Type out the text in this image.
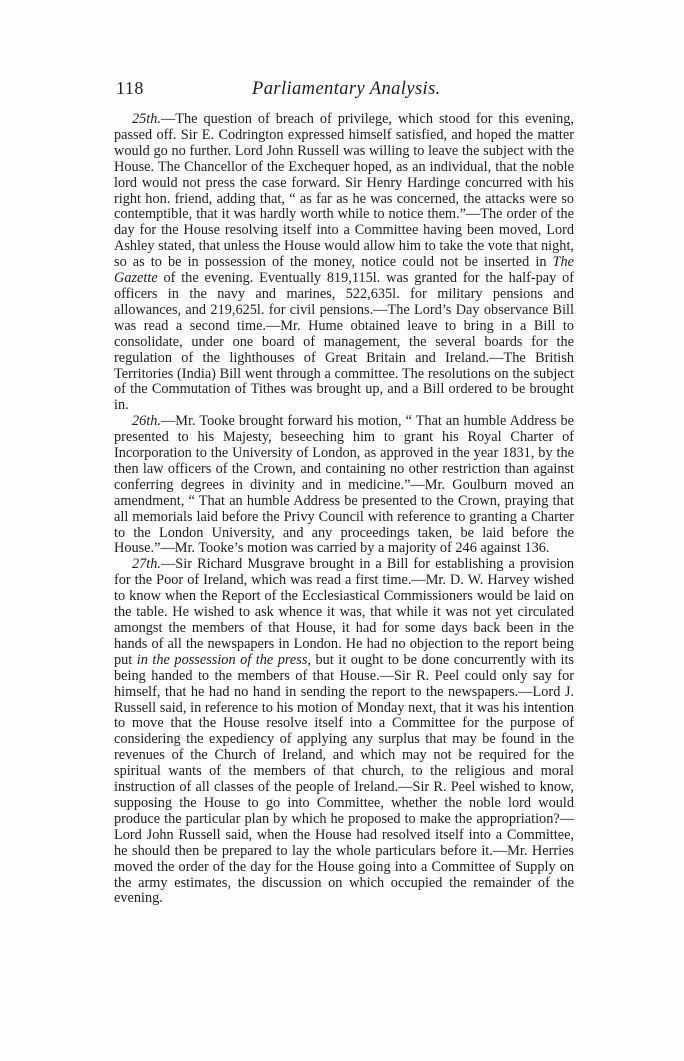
118	Parliamentary Analysis.

25th.—The question of breach of privilege, which stood for this evening, passed off. Sir E. Codrington expressed himself satisfied, and hoped the matter would go no further. Lord John Russell was willing to leave the subject with the House. The Chancellor of the Exchequer hoped, as an individual, that the noble lord would not press the case forward. Sir Henry Hardinge concurred with his right hon. friend, adding that, “ as far as he was concerned, the attacks were so contemptible, that it was hardly worth while to notice them.”—The order of the day for the House resolving itself into a Committee having been moved, Lord Ashley stated, that unless the House would allow him to take the vote that night, so as to be in possession of the money, notice could not be inserted in The Gazette of the evening. Eventually 819,115l. was granted for the half-pay of officers in the navy and marines, 522,635l. for military pensions and allowances, and 219,625l. for civil pensions.—The Lord’s Day observance Bill was read a second time.—Mr. Hume obtained leave to bring in a Bill to consolidate, under one board of management, the several boards for the regulation of the lighthouses of Great Britain and Ireland.—The British Territories (India) Bill went through a committee. The resolutions on the subject of the Commutation of Tithes was brought up, and a Bill ordered to be brought in.

26th.—Mr. Tooke brought forward his motion, “ That an humble Address be presented to his Majesty, beseeching him to grant his Royal Charter of Incorporation to the University of London, as approved in the year 1831, by the then law officers of the Crown, and containing no other restriction than against conferring degrees in divinity and in medicine.”—Mr. Goulburn moved an amendment, “ That an humble Address be presented to the Crown, praying that all memorials laid before the Privy Council with reference to granting a Charter to the London University, and any proceedings taken, be laid before the House.”—Mr. Tooke’s motion was carried by a majority of 246 against 136.

27th.—Sir Richard Musgrave brought in a Bill for establishing a provision for the Poor of Ireland, which was read a first time.—Mr. D. W. Harvey wished to know when the Report of the Ecclesiastical Commissioners would be laid on the table. He wished to ask whence it was, that while it was not yet circulated amongst the members of that House, it had for some days back been in the hands of all the newspapers in London. He had no objection to the report being put in the possession of the press, but it ought to be done concurrently with its being handed to the members of that House.—Sir R. Peel could only say for himself, that he had no hand in sending the report to the newspapers.—Lord J. Russell said, in reference to his motion of Monday next, that it was his intention to move that the House resolve itself into a Committee for the purpose of considering the expediency of applying any surplus that may be found in the revenues of the Church of Ireland, and which may not be required for the spiritual wants of the members of that church, to the religious and moral instruction of all classes of the people of Ireland.—Sir R. Peel wished to know, supposing the House to go into Committee, whether the noble lord would produce the particular plan by which he proposed to make the appropriation?—Lord John Russell said, when the House had resolved itself into a Committee, he should then be prepared to lay the whole particulars before it.—Mr. Herries moved the order of the day for the House going into a Committee of Supply on the army estimates, the discussion on which occupied the remainder of the evening.
